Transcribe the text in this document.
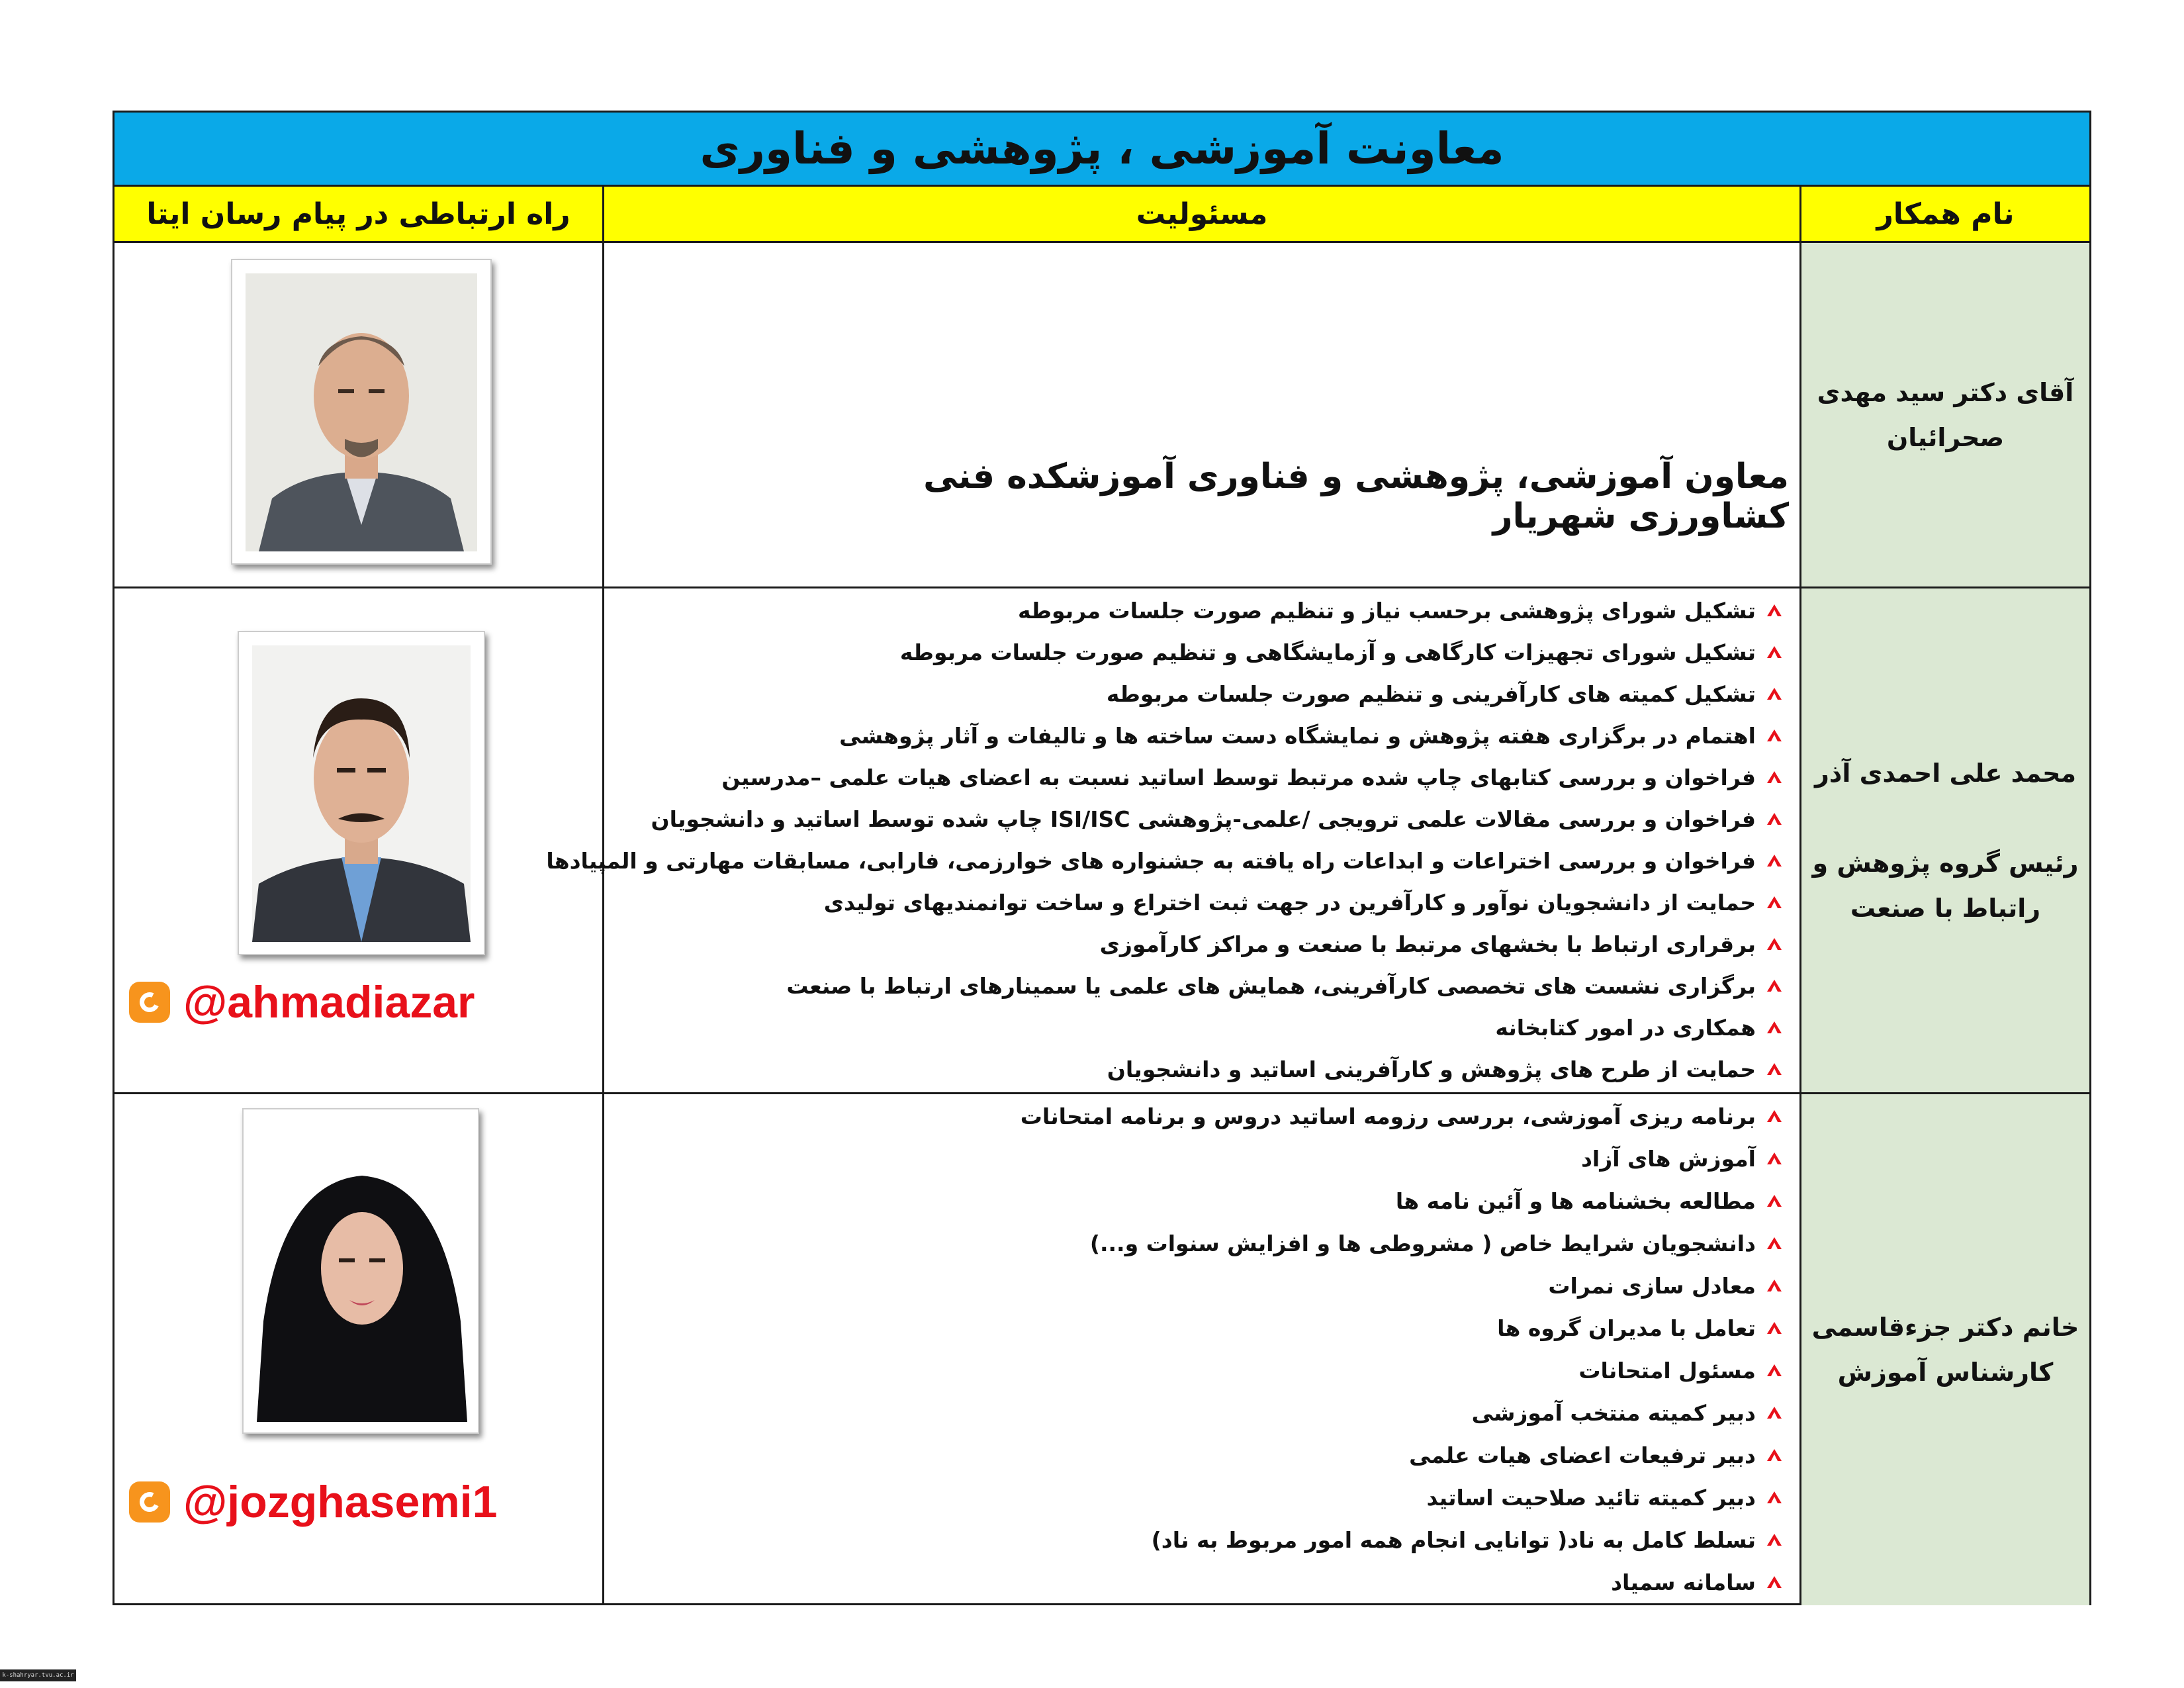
معاونت آموزشی ، پژوهشی و فناوری
راه ارتباطی در پیام رسان ایتا	مسئولیت	نام همکار
آقای دکتر سید مهدی
صحرائیان
محمد علی احمدی آذر
رئیس گروه پژوهش و
راتباط با صنعت
خانم دکتر جزءقاسمی
کارشناس آموزش
معاون آموزشی، پژوهشی و فناوری آموزشکده فنی کشاورزی شهریار
تشکیل شورای پژوهشی برحسب نیاز و تنظیم صورت جلسات مربوطه
تشکیل شورای تجهیزات کارگاهی و آزمایشگاهی و تنظیم صورت جلسات مربوطه
تشکیل کمیته های کارآفرینی و تنظیم صورت جلسات مربوطه
اهتمام در برگزاری هفته پژوهش و نمایشگاه دست ساخته ها و تالیفات و آثار پژوهشی
فراخوان و بررسی کتابهای چاپ شده مرتبط توسط اساتید نسبت به اعضای هیات علمی –مدرسین
فراخوان و بررسی مقالات علمی ترویجی /علمی-پژوهشی ISI/ISC چاپ شده توسط اساتید و دانشجویان
فراخوان و بررسی اختراعات و ابداعات راه یافته به جشنواره های خوارزمی، فارابی، مسابقات مهارتی و المپیادها
حمایت از دانشجویان نوآور و کارآفرین در جهت ثبت اختراع و ساخت توانمندیهای تولیدی
برقراری ارتباط با بخشهای مرتبط با صنعت و مراکز کارآموزی
برگزاری نشست های تخصصی کارآفرینی، همایش های علمی یا سمینارهای ارتباط با صنعت
همکاری در امور کتابخانه
حمایت از طرح های پژوهش و کارآفرینی اساتید و دانشجویان
برنامه ریزی آموزشی، بررسی رزومه اساتید دروس و برنامه امتحانات
آموزش های آزاد
مطالعه بخشنامه ها و آئین نامه ها
دانشجویان شرایط خاص ( مشروطی ها و افزایش سنوات و...)
معادل سازی نمرات
تعامل با مدیران گروه ها
مسئول امتحانات
دبیر کمیته منتخب آموزشی
دبیر ترفیعات اعضای هیات علمی
دبیر کمیته تائید صلاحیت اساتید
تسلط کامل به ناد( توانایی انجام همه امور مربوط به ناد)
سامانه سمیاد
@ahmadiazar
@jozghasemi1
k-shahryar.tvu.ac.ir
